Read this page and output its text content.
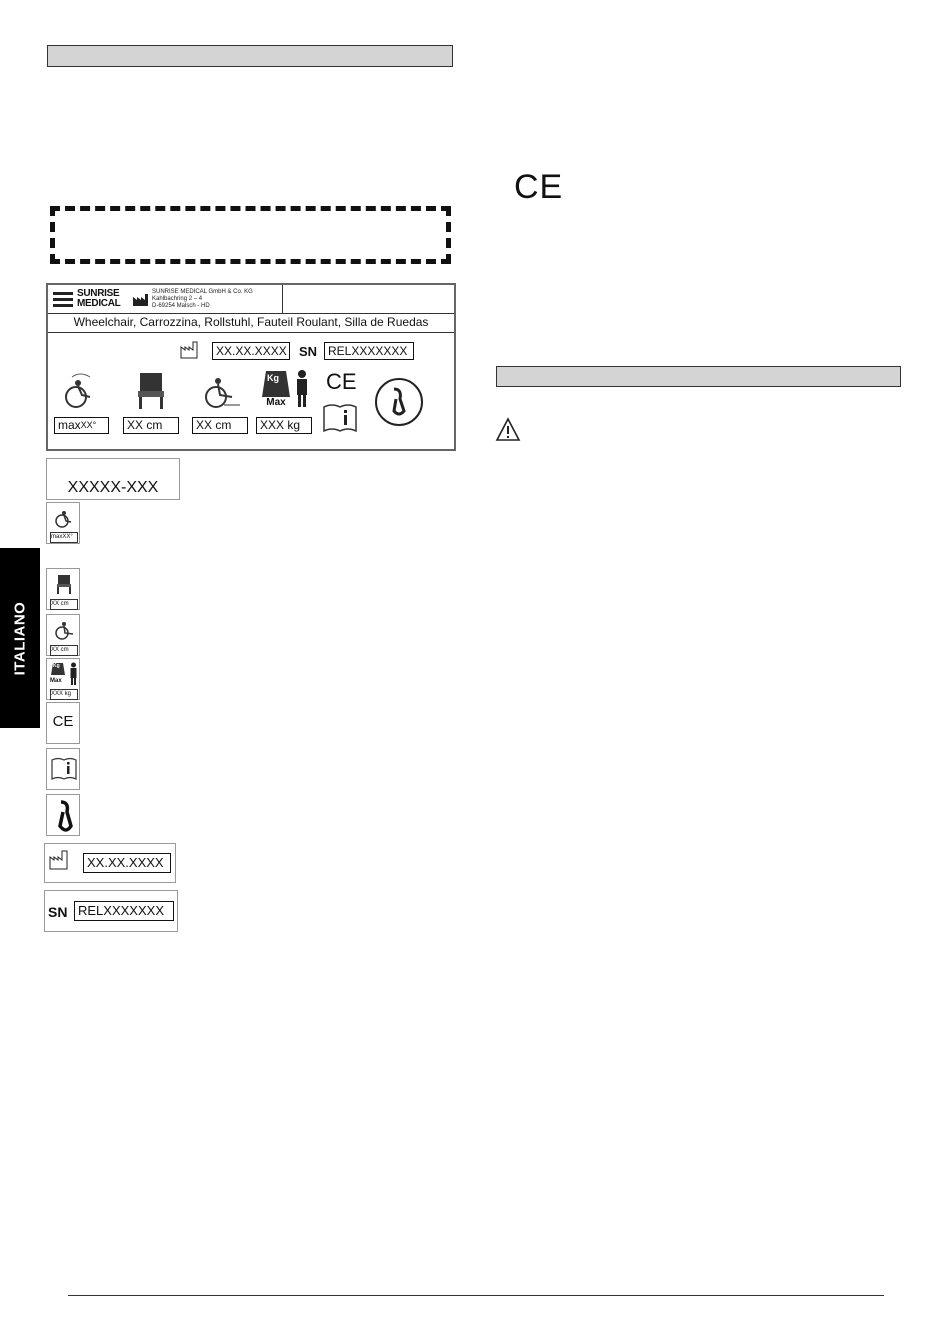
ITALIANO
SUNRISE
MEDICAL
SUNRISE MEDICAL GmbH & Co. KG
Kahlbachring 2 – 4
D-69254 Malsch - HD
Wheelchair, Carrozzina, Rollstuhl, Fauteil Roulant, Silla de Ruedas
XX.XX.XXXX SN RELXXXXXXX
$\max^{XX^\circ}$	XX cm	XX cm
Kg
Max
XXX kg
CE
XXXXX-XXX
maxXX°
XX cm
XX cm
Kg
Max
XXX kg
CE
XX.XX.XXXX
SN RELXXXXXXX
CE
